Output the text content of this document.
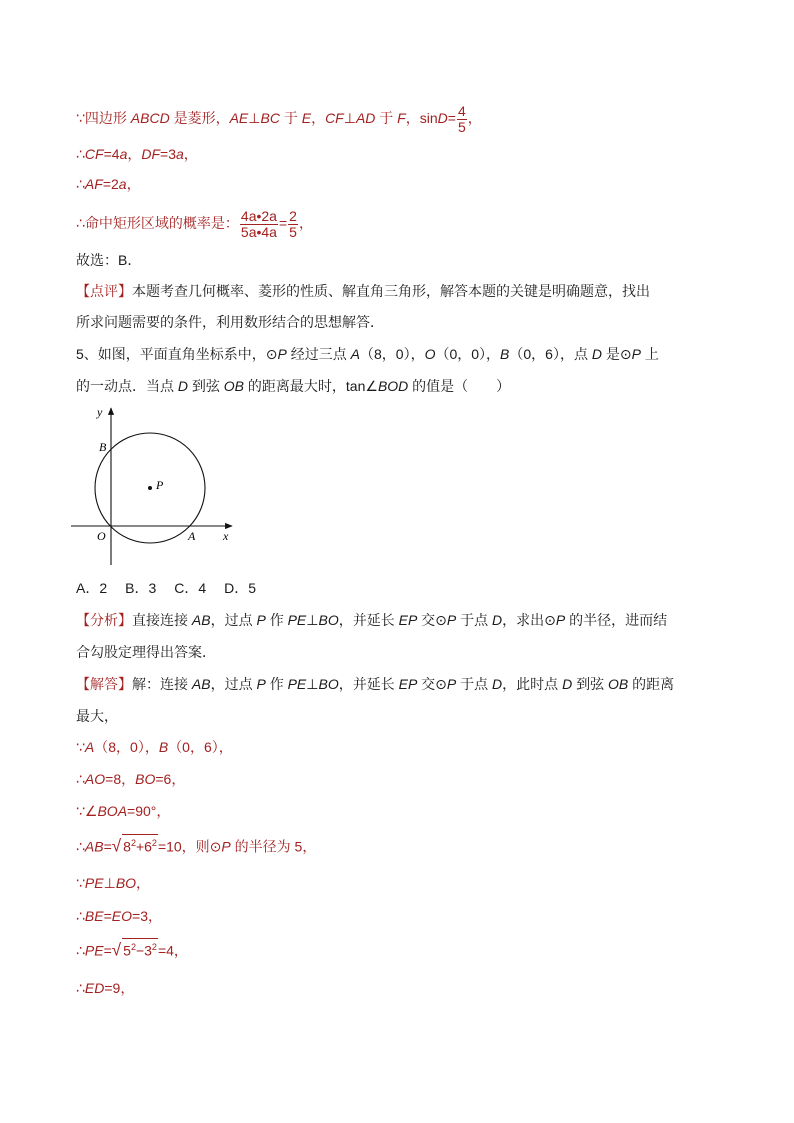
∵四边形 ABCD 是菱形，AE⊥BC 于 E，CF⊥AD 于 F，$\sin D= \frac{4}{5}$ ，
∴CF=4a，DF=3a，
∴AF=2a，
∴命中矩形区域的概率是： $\frac{4a•2a}{5a•4a} = \frac{2}{5}$ ，
故选：B．
【点评】本题考查几何概率、菱形的性质、解直角三角形，解答本题的关键是明确题意，找出
所求问题需要的条件，利用数形结合的思想解答．
5、如图，平面直角坐标系中，⊙P 经过三点 A（8，0），O（0，0），B（0，6），点 D 是⊙P 上
的一动点．当点 D 到弦 OB 的距离最大时，tan∠BOD 的值是（　　）
y
x
B
O	A
P
A．2 B．3 C．4 D．5
【分析】直接连接 AB，过点 P 作 PE⊥BO，并延长 EP 交⊙P 于点 D，求出⊙P 的半径，进而结
合勾股定理得出答案．
【解答】解：连接 AB，过点 P 作 PE⊥BO，并延长 EP 交⊙P 于点 D，此时点 D 到弦 OB 的距离
最大，
∵A（8，0），B（0，6），
∴AO=8，BO=6，
∵∠BOA=90°，
∴AB=√ $8^2+6^2=10$，则⊙P 的半径为 5，
∵PE⊥BO，
∴BE=EO=3，
∴PE=√ $5^2-3^2=4$，
∴ED=9，
